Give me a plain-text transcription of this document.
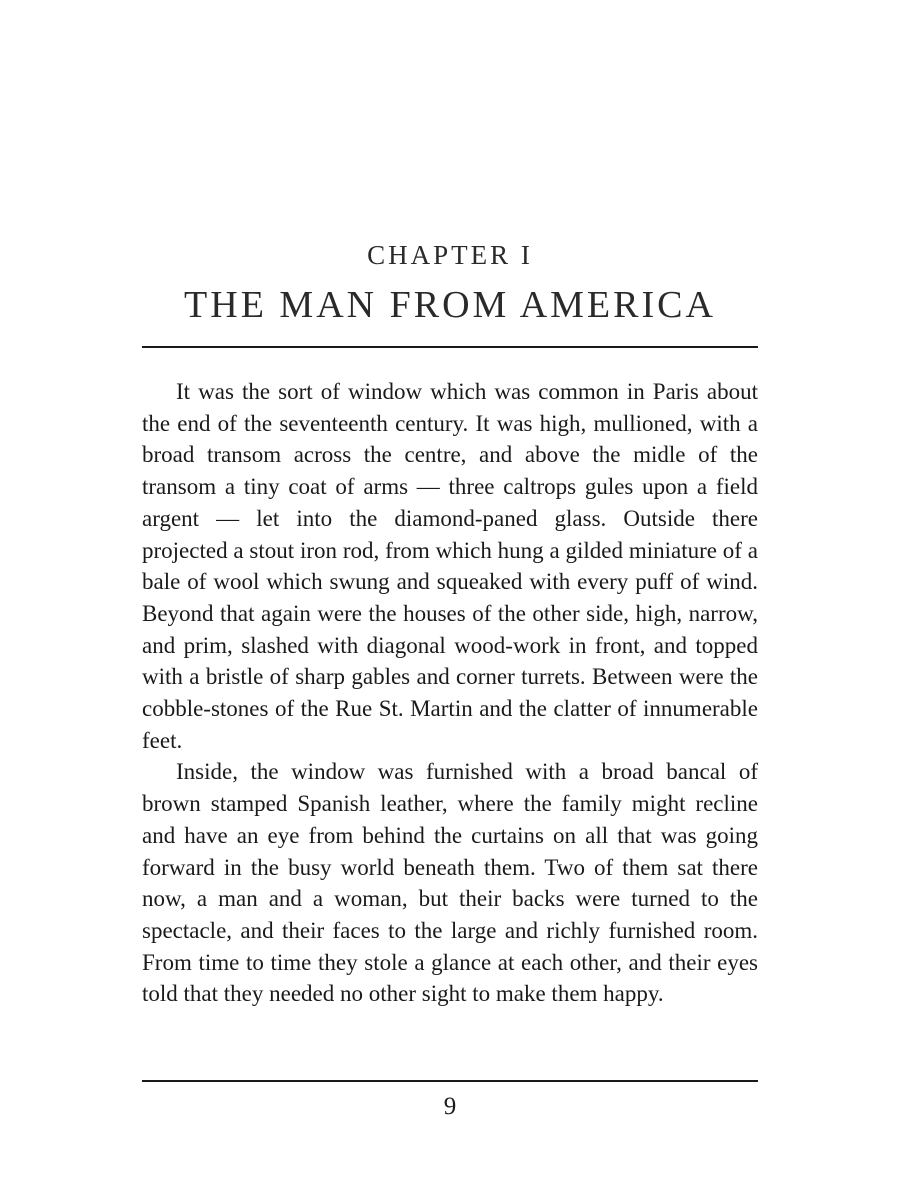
CHAPTER I
THE MAN FROM AMERICA

It was the sort of window which was common in Paris about the end of the seventeenth century. It was high, mullioned, with a broad transom across the centre, and above the midle of the transom a tiny coat of arms — three caltrops gules upon a field argent — let into the diamond-paned glass. Outside there projected a stout iron rod, from which hung a gilded miniature of a bale of wool which swung and squeaked with every puff of wind. Beyond that again were the houses of the other side, high, narrow, and prim, slashed with diagonal wood-work in front, and topped with a bristle of sharp gables and corner turrets. Between were the cobble-stones of the Rue St. Martin and the clatter of innumerable feet.

Inside, the window was furnished with a broad bancal of brown stamped Spanish leather, where the family might recline and have an eye from behind the curtains on all that was going forward in the busy world beneath them. Two of them sat there now, a man and a woman, but their backs were turned to the spectacle, and their faces to the large and richly furnished room. From time to time they stole a glance at each other, and their eyes told that they needed no other sight to make them happy.

9
